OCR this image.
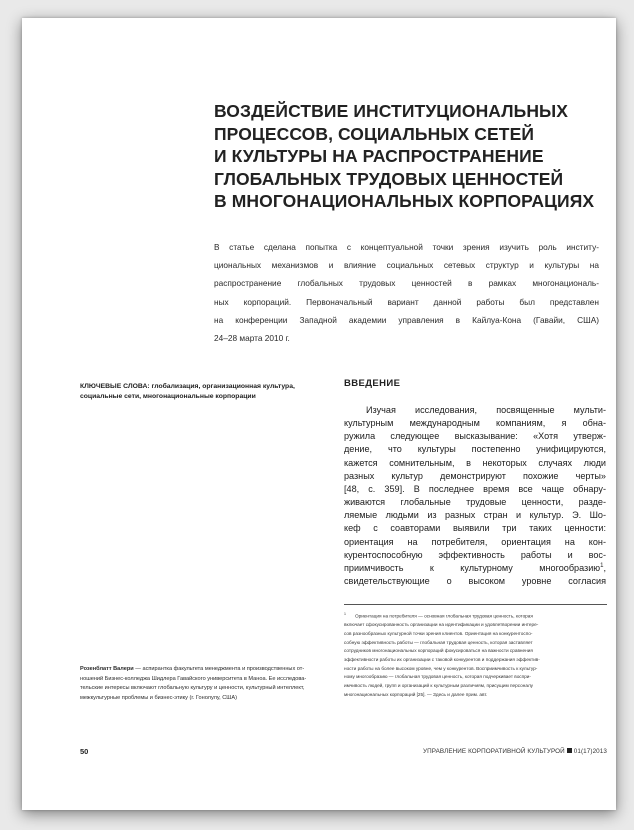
ВОЗДЕЙСТВИЕ ИНСТИТУЦИОНАЛЬНЫХ
ПРОЦЕССОВ, СОЦИАЛЬНЫХ СЕТЕЙ
И КУЛЬТУРЫ НА РАСПРОСТРАНЕНИЕ
ГЛОБАЛЬНЫХ ТРУДОВЫХ ЦЕННОСТЕЙ
В МНОГОНАЦИОНАЛЬНЫХ КОРПОРАЦИЯХ
В статье сделана попытка с концептуальной точки зрения изучить роль институ-
циональных механизмов и влияние социальных сетевых структур и культуры на
распространение глобальных трудовых ценностей в рамках многонациональ-
ных корпораций. Первоначальный вариант данной работы был представлен
на конференции Западной академии управления в Кайлуа-Кона (Гавайи, США)
24–28 марта 2010 г.
КЛЮЧЕВЫЕ СЛОВА: глобализация, организационная культура, социальные сети, многонациональные корпорации
ВВЕДЕНИЕ
Изучая исследования, посвященные мульти-
культурным международным компаниям, я обна-
ружила следующее высказывание: «Хотя утверж-
дение, что культуры постепенно унифицируются,
кажется сомнительным, в некоторых случаях люди
разных культур демонстрируют похожие черты»
[48, с. 359]. В последнее время все чаще обнару-
живаются глобальные трудовые ценности, разде-
ляемые людьми из разных стран и культур. Э. Шо-
кеф с соавторами выявили три таких ценности:
ориентация на потребителя, ориентация на кон-
курентоспособную эффективность работы и вос-
приимчивость к культурному многообразию$^1$,
свидетельствующие о высоком уровне согласия
$^1$ Ориентация на потребителя — основная глобальная трудовая ценность, которая
включает сфокусированность организации на идентификации и удовлетворении интере-
сов разнообразных культурной точки зрения клиентов. Ориентация на конкурентоспо-
собную эффективность работы — глобальная трудовая ценность, которая заставляет
сотрудников многонациональных корпораций фокусироваться на важности сравнения
эффективности работы их организации с таковой конкурентов и поддержания эффектив-
ности работы на более высоком уровне, чем у конкурентов. Восприимчивость к культур-
ному многообразию — глобальная трудовая ценность, которая подчеркивает воспри-
имчивость людей, групп и организаций к культурным различиям, присущим персоналу
многонациональных корпораций [25]. — Здесь и далее прим. авт.
Розенблатт Валери — аспирантка факультета менеджмента и производственных от-
ношений Бизнес-колледжа Шидлера Гавайского университета в Маноа. Ее исследова-
тельские интересы включают глобальную культуру и ценности, культурный интеллект,
межкультурные проблемы и бизнес-этику (г. Гонолулу, США)
50	УПРАВЛЕНИЕ КОРПОРАТИВНОЙ КУЛЬТУРОЙ 01(17)2013
